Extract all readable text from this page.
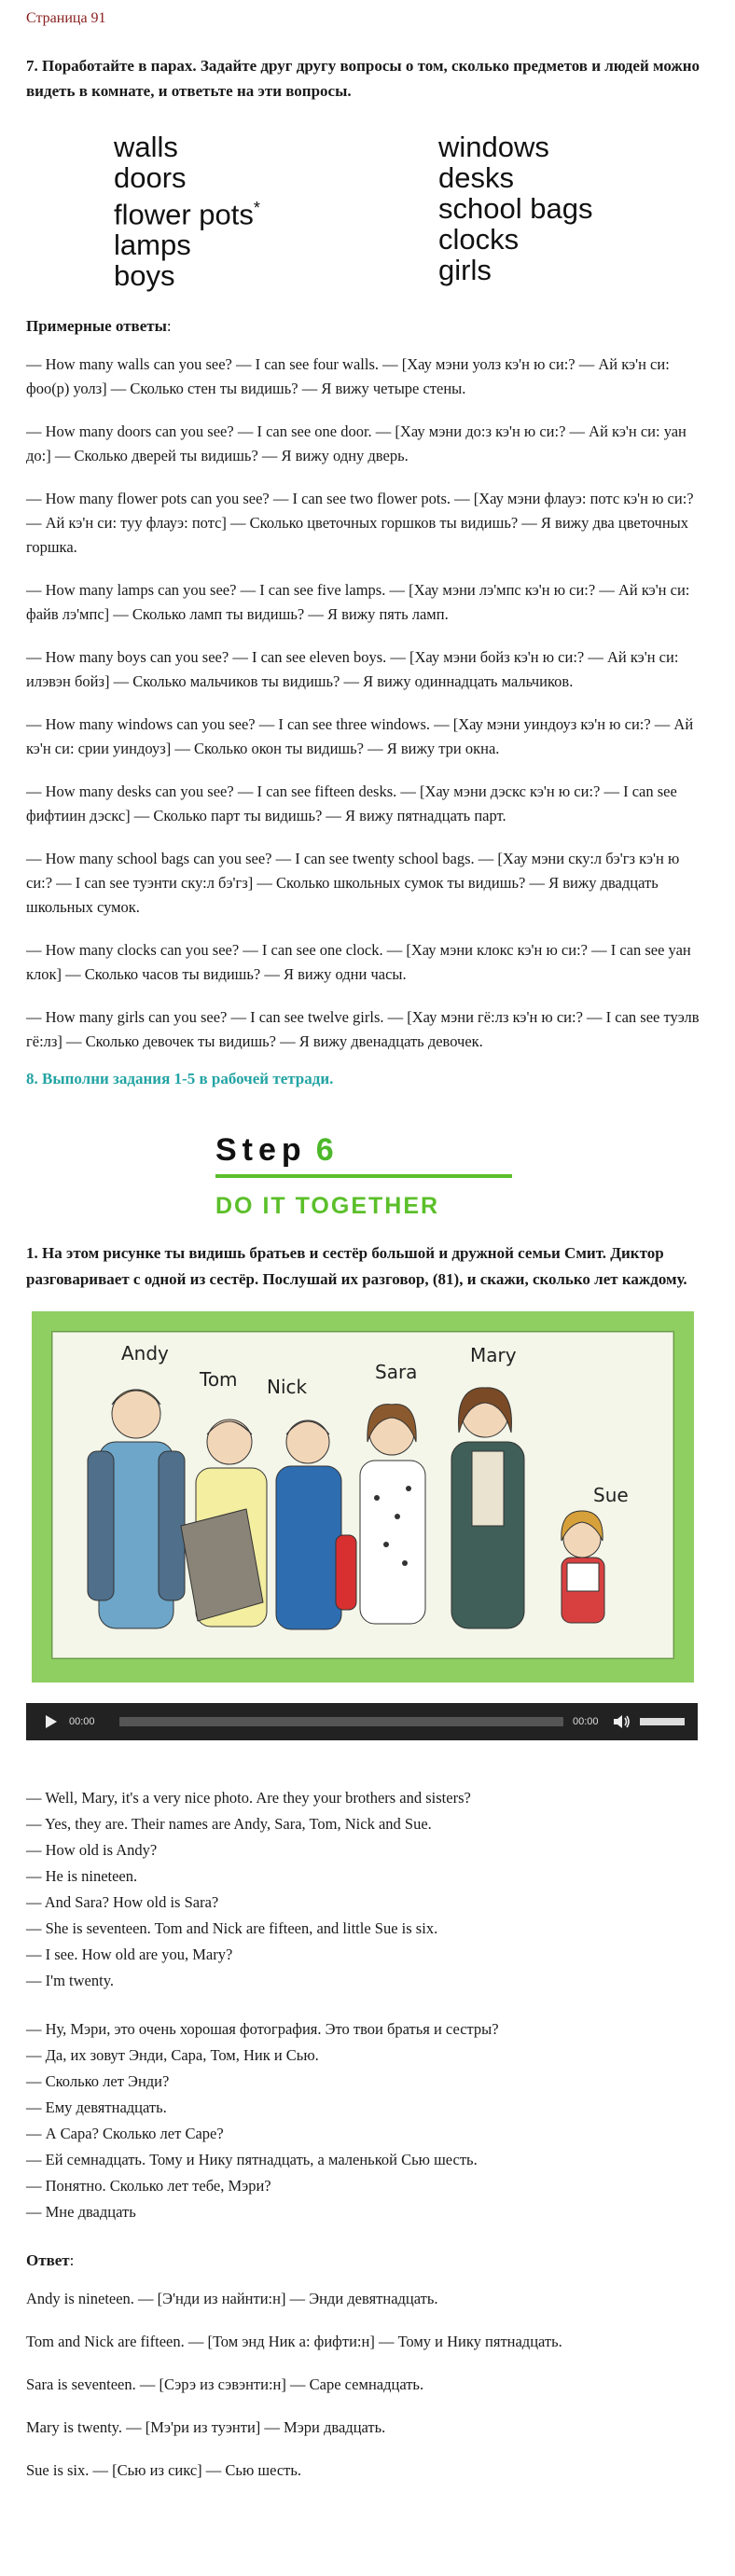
Страница 91
7. Поработайте в парах. Задайте друг другу вопросы о том, сколько предметов и людей можно видеть в комнате, и ответьте на эти вопросы.
walls
doors
flower pots*
lamps
boys
windows
desks
school bags
clocks
girls
Примерные ответы:

— How many walls can you see? — I can see four walls. — [Хау мэни уолз кэ'н ю си:? — Ай кэ'н си: фоо(р) уолз] — Сколько стен ты видишь? — Я вижу четыре стены.

— How many doors can you see? — I can see one door. — [Хау мэни до:з кэ'н ю си:? — Ай кэ'н си: уан до:] — Сколько дверей ты видишь? — Я вижу одну дверь.

— How many flower pots can you see? — I can see two flower pots. — [Хау мэни флауэ: потс кэ'н ю си:? — Ай кэ'н си: туу флауэ: потс] — Сколько цветочных горшков ты видишь? — Я вижу два цветочных горшка.

— How many lamps can you see? — I can see five lamps. — [Хау мэни лэ'мпс кэ'н ю си:? — Ай кэ'н си: файв лэ'мпс] — Сколько ламп ты видишь? — Я вижу пять ламп.

— How many boys can you see? — I can see eleven boys. — [Хау мэни бойз кэ'н ю си:? — Ай кэ'н си: илэвэн бойз] — Сколько мальчиков ты видишь? — Я вижу одиннадцать мальчиков.

— How many windows can you see? — I can see three windows. — [Хау мэни уиндоуз кэ'н ю си:? — Ай кэ'н си: срии уиндоуз] — Сколько окон ты видишь? — Я вижу три окна.

— How many desks can you see? — I can see fifteen desks. — [Хау мэни дэскс кэ'н ю си:? — I can see фифтиин дэскс] — Сколько парт ты видишь? — Я вижу пятнадцать парт.

— How many school bags can you see? — I can see twenty school bags. — [Хау мэни ску:л бэ'гз кэ'н ю си:? — I can see туэнти ску:л бэ'гз] — Сколько школьных сумок ты видишь? — Я вижу двадцать школьных сумок.

— How many clocks can you see? — I can see one clock. — [Хау мэни клокс кэ'н ю си:? — I can see уан клок] — Сколько часов ты видишь? — Я вижу одни часы.

— How many girls can you see? — I can see twelve girls. — [Хау мэни гё:лз кэ'н ю си:? — I can see туэлв гё:лз] — Сколько девочек ты видишь? — Я вижу двенадцать девочек.

8. Выполни задания 1-5 в рабочей тетради.
Step 6
DO IT TOGETHER
1. На этом рисунке ты видишь братьев и сестёр большой и дружной семьи Смит. Диктор разговаривает с одной из сестёр. Послушай их разговор, (81), и скажи, сколько лет каждому.
Andy
Tom Nick
Sara
Mary
Sue
00:00	00:00
— Well, Mary, it's a very nice photo. Are they your brothers and sisters?
— Yes, they are. Their names are Andy, Sara, Tom, Nick and Sue.
— How old is Andy?
— He is nineteen.
— And Sara? How old is Sara?
— She is seventeen. Tom and Nick are fifteen, and little Sue is six.
— I see. How old are you, Mary?
— I'm twenty.
— Ну, Мэри, это очень хорошая фотография. Это твои братья и сестры?
— Да, их зовут Энди, Сара, Том, Ник и Сью.
— Сколько лет Энди?
— Ему девятнадцать.
— А Сара? Сколько лет Саре?
— Ей семнадцать. Тому и Нику пятнадцать, а маленькой Сью шесть.
— Понятно. Сколько лет тебе, Мэри?
— Мне двадцать
Ответ:

Andy is nineteen. — [Э'нди из найнти:н] — Энди девятнадцать.

Tom and Nick are fifteen. — [Том энд Ник а: фифти:н] — Тому и Нику пятнадцать.

Sara is seventeen. — [Сэрэ из сэвэнти:н] — Саре семнадцать.

Mary is twenty. — [Мэ'ри из туэнти] — Мэри двадцать.

Sue is six. — [Сью из сикс] — Сью шесть.
